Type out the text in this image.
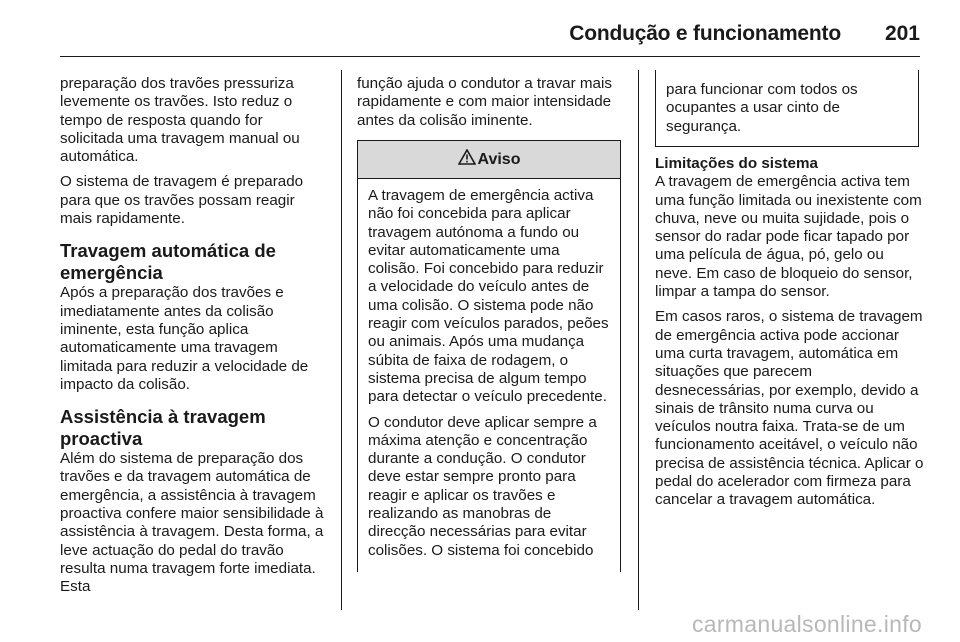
Condução e funcionamento 201

preparação dos travões pressuriza levemente os travões. Isto reduz o tempo de resposta quando for solicitada uma travagem manual ou automática.

O sistema de travagem é preparado para que os travões possam reagir mais rapidamente.

Travagem automática de emergência

Após a preparação dos travões e imediatamente antes da colisão iminente, esta função aplica automaticamente uma travagem limitada para reduzir a velocidade de impacto da colisão.

Assistência à travagem proactiva

Além do sistema de preparação dos travões e da travagem automática de emergência, a assistência à travagem proactiva confere maior sensibilidade à assistência à travagem. Desta forma, a leve actuação do pedal do travão resulta numa travagem forte imediata. Esta

função ajuda o condutor a travar mais rapidamente e com maior intensidade antes da colisão iminente.

Aviso

A travagem de emergência activa não foi concebida para aplicar travagem autónoma a fundo ou evitar automaticamente uma colisão. Foi concebido para reduzir a velocidade do veículo antes de uma colisão. O sistema pode não reagir com veículos parados, peões ou animais. Após uma mudança súbita de faixa de rodagem, o sistema precisa de algum tempo para detectar o veículo precedente.

O condutor deve aplicar sempre a máxima atenção e concentração durante a condução. O condutor deve estar sempre pronto para reagir e aplicar os travões e realizando as manobras de direcção necessárias para evitar colisões. O sistema foi concebido

para funcionar com todos os ocupantes a usar cinto de segurança.
Limitações do sistema

A travagem de emergência activa tem uma função limitada ou inexistente com chuva, neve ou muita sujidade, pois o sensor do radar pode ficar tapado por uma película de água, pó, gelo ou neve. Em caso de bloqueio do sensor, limpar a tampa do sensor.

Em casos raros, o sistema de travagem de emergência activa pode accionar uma curta travagem, automática em situações que parecem desnecessárias, por exemplo, devido a sinais de trânsito numa curva ou veículos noutra faixa. Trata-se de um funcionamento aceitável, o veículo não precisa de assistência técnica. Aplicar o pedal do acelerador com firmeza para cancelar a travagem automática.

carmanualsonline.info
